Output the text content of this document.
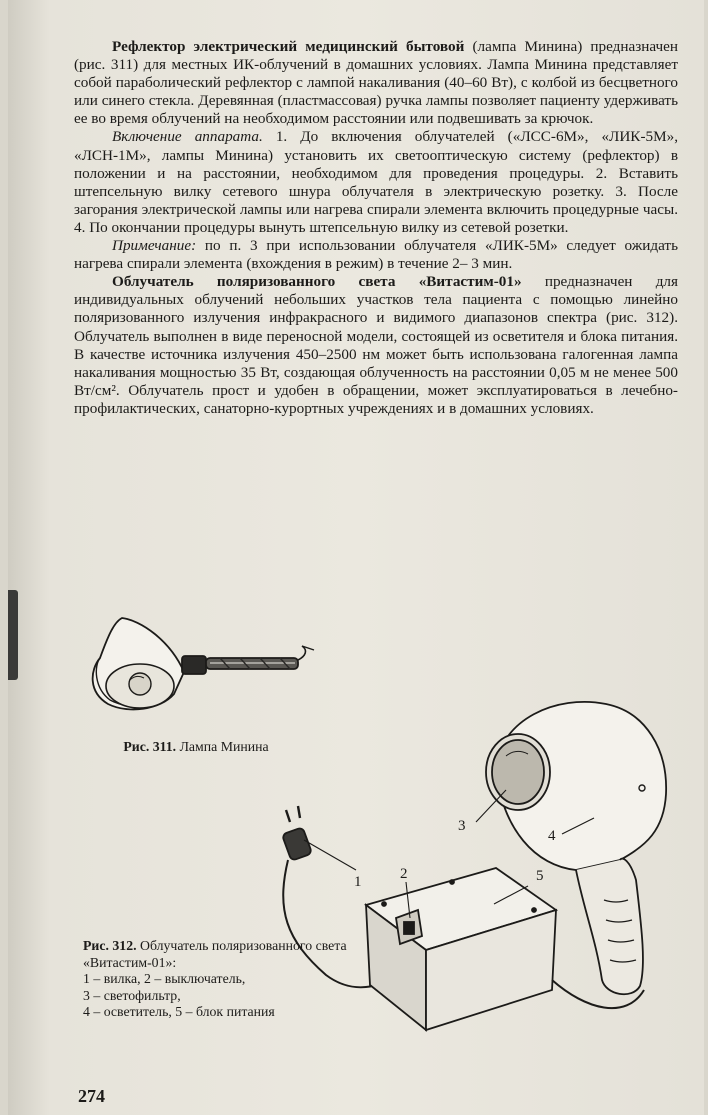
Рефлектор электрический медицинский бытовой (лампа Минина) предназначен (рис. 311) для местных ИК-облучений в домашних условиях. Лампа Минина представляет собой параболический рефлектор с лампой накаливания (40–60 Вт), с колбой из бесцветного или синего стекла. Деревянная (пластмассовая) ручка лампы позволяет пациенту удерживать ее во время облучений на необходимом расстоянии или подвешивать за крючок.

Включение аппарата. 1. До включения облучателей («ЛСС-6М», «ЛИК-5М», «ЛСН-1М», лампы Минина) установить их светооптическую систему (рефлектор) в положении и на расстоянии, необходимом для проведения процедуры. 2. Вставить штепсельную вилку сетевого шнура облучателя в электрическую розетку. 3. После загорания электрической лампы или нагрева спирали элемента включить процедурные часы. 4. По окончании процедуры вынуть штепсельную вилку из сетевой розетки.

Примечание: по п. 3 при использовании облучателя «ЛИК-5М» следует ожидать нагрева спирали элемента (вхождения в режим) в течение 2– 3 мин.

Облучатель поляризованного света «Витастим-01» предназначен для индивидуальных облучений небольших участков тела пациента с помощью линейно поляризованного излучения инфракрасного и видимого диапазонов спектра (рис. 312). Облучатель выполнен в виде переносной модели, состоящей из осветителя и блока питания. В качестве источника излучения 450–2500 нм может быть использована галогенная лампа накаливания мощностью 35 Вт, создающая облученность на расстоянии 0,05 м не менее 500 Вт/см². Облучатель прост и удобен в обращении, может эксплуатироваться в лечебно-профилактических, санаторно-курортных учреждениях и в домашних условиях.

Рис. 311. Лампа Минина
1	2
3
4
5
Рис. 312. Облучатель поляризованного света «Витастим-01»:
1 – вилка, 2 – выключатель,
3 – светофильтр,
4 – осветитель, 5 – блок питания
274
